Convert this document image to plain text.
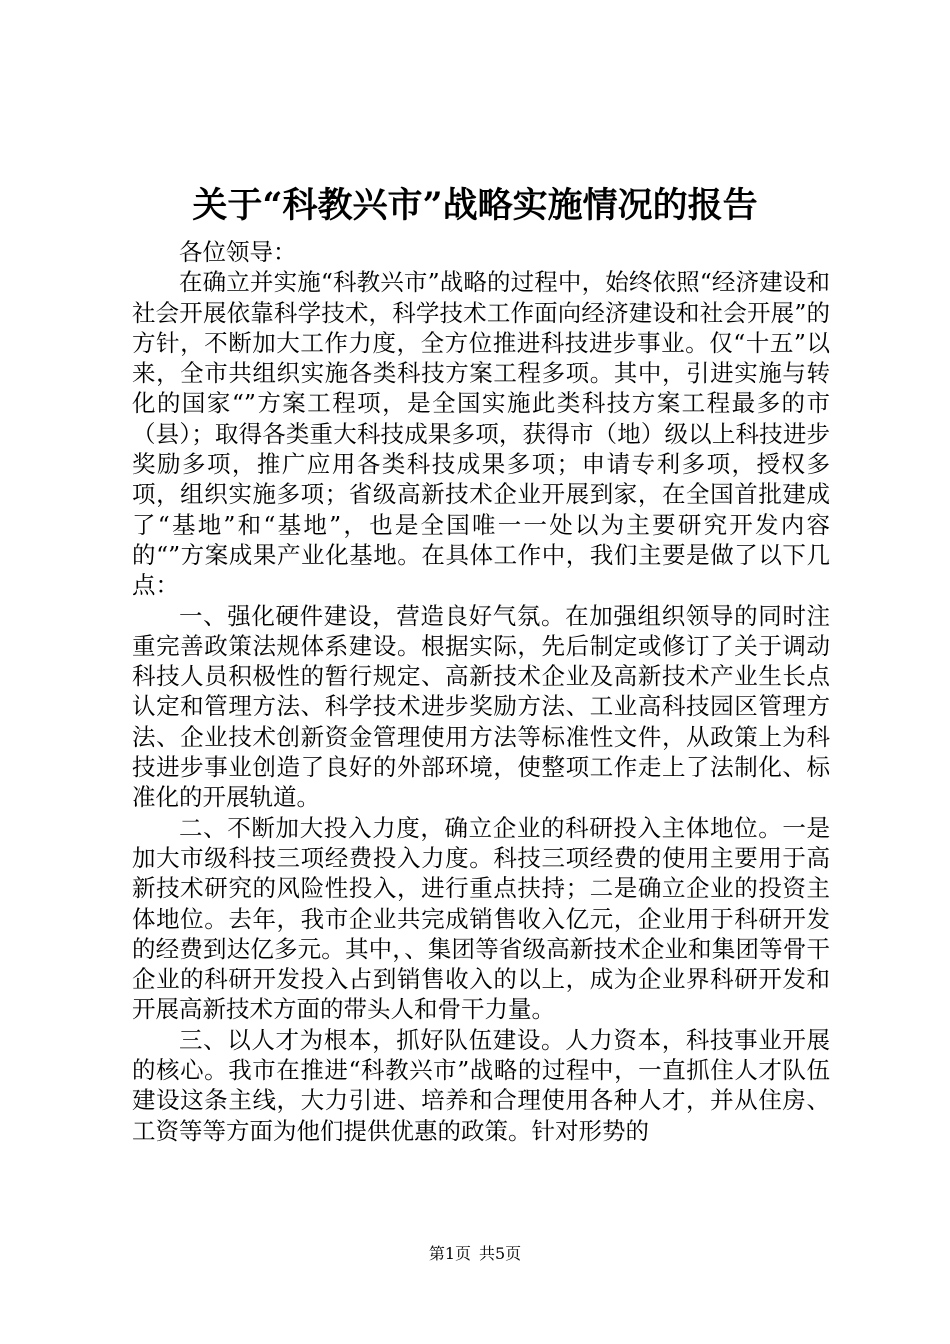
关于“科教兴市”战略实施情况的报告

各位领导：

在确立并实施“科教兴市”战略的过程中，始终依照“经济建设和社会开展依靠科学技术，科学技术工作面向经济建设和社会开展”的方针，不断加大工作力度，全方位推进科技进步事业。仅“十五”以来，全市共组织实施各类科技方案工程多项。其中，引进实施与转化的国家“”方案工程项，是全国实施此类科技方案工程最多的市（县）；取得各类重大科技成果多项，获得市（地）级以上科技进步奖励多项，推广应用各类科技成果多项；申请专利多项，授权多项，组织实施多项；省级高新技术企业开展到家，在全国首批建成了“基地”和“基地”，也是全国唯一一处以为主要研究开发内容的“”方案成果产业化基地。在具体工作中，我们主要是做了以下几点：

一、强化硬件建设，营造良好气氛。在加强组织领导的同时注重完善政策法规体系建设。根据实际，先后制定或修订了关于调动科技人员积极性的暂行规定、高新技术企业及高新技术产业生长点认定和管理方法、科学技术进步奖励方法、工业高科技园区管理方法、企业技术创新资金管理使用方法等标准性文件，从政策上为科技进步事业创造了良好的外部环境，使整项工作走上了法制化、标准化的开展轨道。

二、不断加大投入力度，确立企业的科研投入主体地位。一是加大市级科技三项经费投入力度。科技三项经费的使用主要用于高新技术研究的风险性投入，进行重点扶持；二是确立企业的投资主体地位。去年，我市企业共完成销售收入亿元，企业用于科研开发的经费到达亿多元。其中，、集团等省级高新技术企业和集团等骨干企业的科研开发投入占到销售收入的以上，成为企业界科研开发和开展高新技术方面的带头人和骨干力量。

三、以人才为根本，抓好队伍建设。人力资本，科技事业开展的核心。我市在推进“科教兴市”战略的过程中，一直抓住人才队伍建设这条主线，大力引进、培养和合理使用各种人才，并从住房、工资等等方面为他们提供优惠的政策。针对形势的

第1页 共5页
